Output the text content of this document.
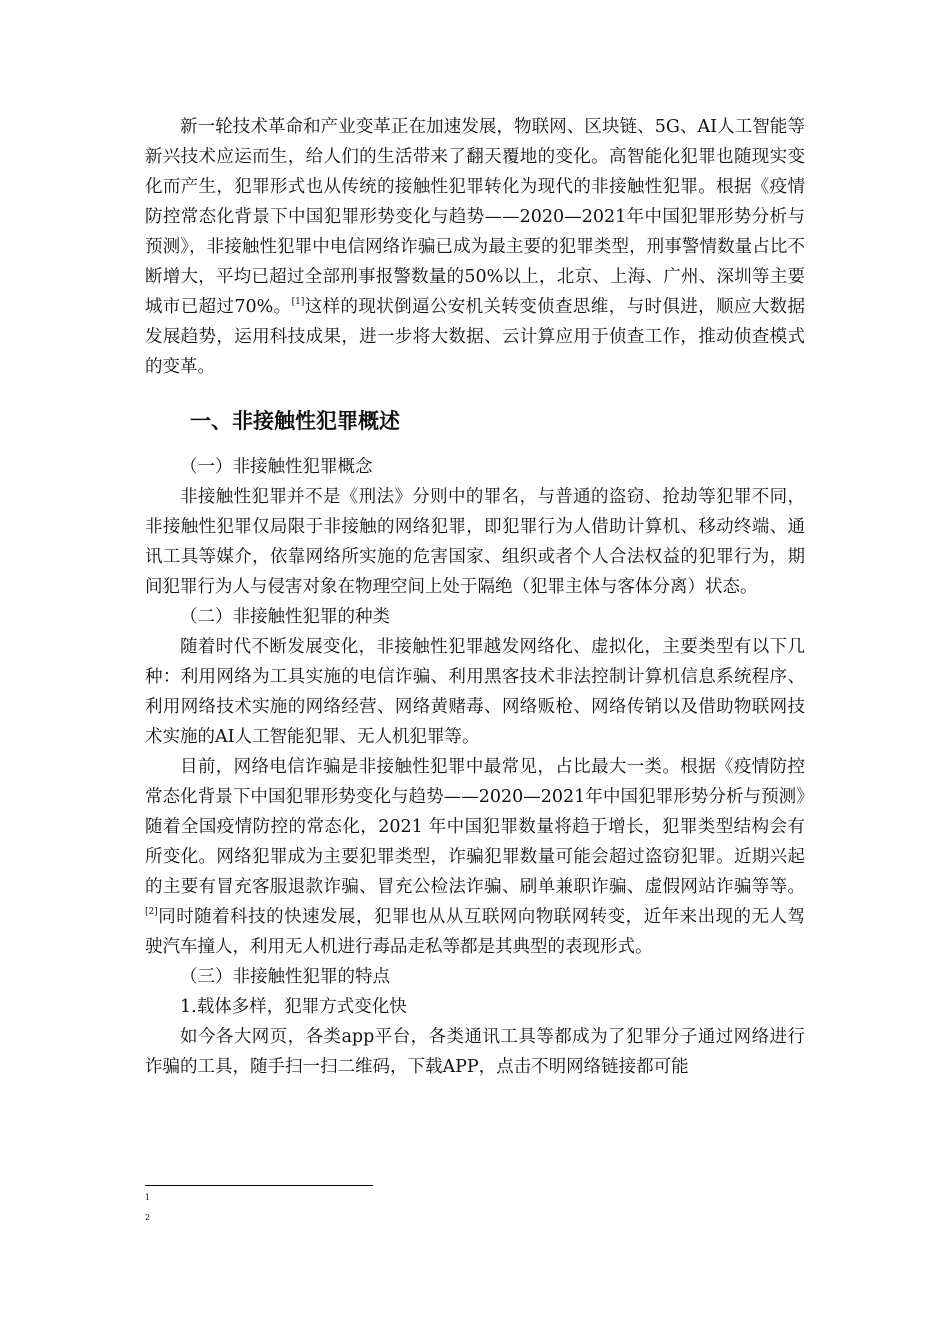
新一轮技术革命和产业变革正在加速发展，物联网、区块链、5G、AI人工智能等新兴技术应运而生，给人们的生活带来了翻天覆地的变化。高智能化犯罪也随现实变化而产生，犯罪形式也从传统的接触性犯罪转化为现代的非接触性犯罪。根据《疫情防控常态化背景下中国犯罪形势变化与趋势——2020—2021年中国犯罪形势分析与预测》，非接触性犯罪中电信网络诈骗已成为最主要的犯罪类型，刑事警情数量占比不断增大，平均已超过全部刑事报警数量的50%以上，北京、上海、广州、深圳等主要城市已超过70%。[1]这样的现状倒逼公安机关转变侦查思维，与时俱进，顺应大数据发展趋势，运用科技成果，进一步将大数据、云计算应用于侦查工作，推动侦查模式的变革。

一、非接触性犯罪概述

（一）非接触性犯罪概念

非接触性犯罪并不是《刑法》分则中的罪名，与普通的盗窃、抢劫等犯罪不同，非接触性犯罪仅局限于非接触的网络犯罪，即犯罪行为人借助计算机、移动终端、通讯工具等媒介，依靠网络所实施的危害国家、组织或者个人合法权益的犯罪行为，期间犯罪行为人与侵害对象在物理空间上处于隔绝（犯罪主体与客体分离）状态。

（二）非接触性犯罪的种类

随着时代不断发展变化，非接触性犯罪越发网络化、虚拟化，主要类型有以下几种：利用网络为工具实施的电信诈骗、利用黑客技术非法控制计算机信息系统程序、利用网络技术实施的网络经营、网络黄赌毒、网络贩枪、网络传销以及借助物联网技术实施的AI人工智能犯罪、无人机犯罪等。

目前，网络电信诈骗是非接触性犯罪中最常见，占比最大一类。根据《疫情防控常态化背景下中国犯罪形势变化与趋势——2020—2021年中国犯罪形势分析与预测》随着全国疫情防控的常态化，2021 年中国犯罪数量将趋于增长，犯罪类型结构会有所变化。网络犯罪成为主要犯罪类型，诈骗犯罪数量可能会超过盗窃犯罪。近期兴起的主要有冒充客服退款诈骗、冒充公检法诈骗、刷单兼职诈骗、虚假网站诈骗等等。[2]同时随着科技的快速发展，犯罪也从从互联网向物联网转变，近年来出现的无人驾驶汽车撞人，利用无人机进行毒品走私等都是其典型的表现形式。

（三）非接触性犯罪的特点

1.载体多样，犯罪方式变化快

如今各大网页，各类app平台，各类通讯工具等都成为了犯罪分子通过网络进行诈骗的工具，随手扫一扫二维码，下载APP，点击不明网络链接都可能

1
2
